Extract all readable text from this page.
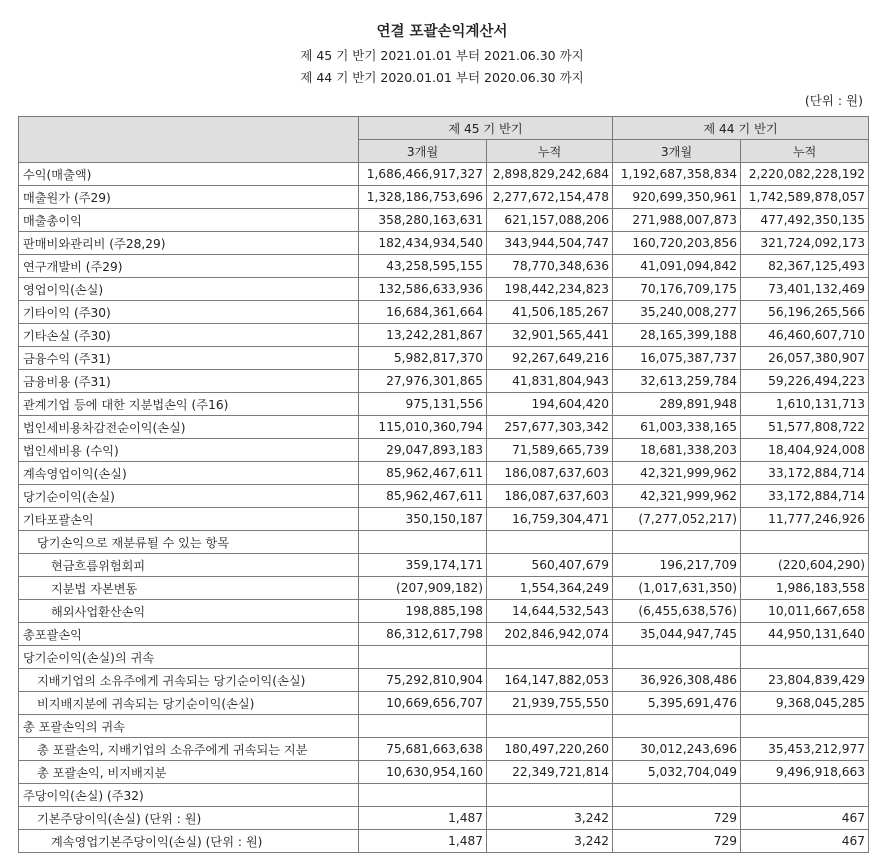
연결 포괄손익계산서
제 45 기 반기 2021.01.01 부터 2021.06.30 까지
제 44 기 반기 2020.01.01 부터 2020.06.30 까지
(단위 : 원)
	제 45 기 반기		제 44 기 반기	
	3개월	누적	3개월	누적
수익(매출액)	1,686,466,917,327	2,898,829,242,684	1,192,687,358,834	2,220,082,228,192
매출원가 (주29)	1,328,186,753,696	2,277,672,154,478	920,699,350,961	1,742,589,878,057
매출총이익	358,280,163,631	621,157,088,206	271,988,007,873	477,492,350,135
판매비와관리비 (주28,29)	182,434,934,540	343,944,504,747	160,720,203,856	321,724,092,173
연구개발비 (주29)	43,258,595,155	78,770,348,636	41,091,094,842	82,367,125,493
영업이익(손실)	132,586,633,936	198,442,234,823	70,176,709,175	73,401,132,469
기타이익 (주30)	16,684,361,664	41,506,185,267	35,240,008,277	56,196,265,566
기타손실 (주30)	13,242,281,867	32,901,565,441	28,165,399,188	46,460,607,710
금융수익 (주31)	5,982,817,370	92,267,649,216	16,075,387,737	26,057,380,907
금융비용 (주31)	27,976,301,865	41,831,804,943	32,613,259,784	59,226,494,223
관계기업 등에 대한 지분법손익 (주16)	975,131,556	194,604,420	289,891,948	1,610,131,713
법인세비용차감전순이익(손실)	115,010,360,794	257,677,303,342	61,003,338,165	51,577,808,722
법인세비용 (수익)	29,047,893,183	71,589,665,739	18,681,338,203	18,404,924,008
계속영업이익(손실)	85,962,467,611	186,087,637,603	42,321,999,962	33,172,884,714
당기순이익(손실)	85,962,467,611	186,087,637,603	42,321,999,962	33,172,884,714
기타포괄손익	350,150,187	16,759,304,471	(7,277,052,217)	11,777,246,926
당기손익으로 재분류될 수 있는 항목				
현금흐름위험회피	359,174,171	560,407,679	196,217,709	(220,604,290)
지분법 자본변동	(207,909,182)	1,554,364,249	(1,017,631,350)	1,986,183,558
해외사업환산손익	198,885,198	14,644,532,543	(6,455,638,576)	10,011,667,658
총포괄손익	86,312,617,798	202,846,942,074	35,044,947,745	44,950,131,640
당기순이익(손실)의 귀속				
지배기업의 소유주에게 귀속되는 당기순이익(손실)	75,292,810,904	164,147,882,053	36,926,308,486	23,804,839,429
비지배지분에 귀속되는 당기순이익(손실)	10,669,656,707	21,939,755,550	5,395,691,476	9,368,045,285
총 포괄손익의 귀속				
총 포괄손익, 지배기업의 소유주에게 귀속되는 지분	75,681,663,638	180,497,220,260	30,012,243,696	35,453,212,977
총 포괄손익, 비지배지분	10,630,954,160	22,349,721,814	5,032,704,049	9,496,918,663
주당이익(손실) (주32)				
기본주당이익(손실) (단위 : 원)	1,487	3,242	729	467
계속영업기본주당이익(손실) (단위 : 원)	1,487	3,242	729	467
